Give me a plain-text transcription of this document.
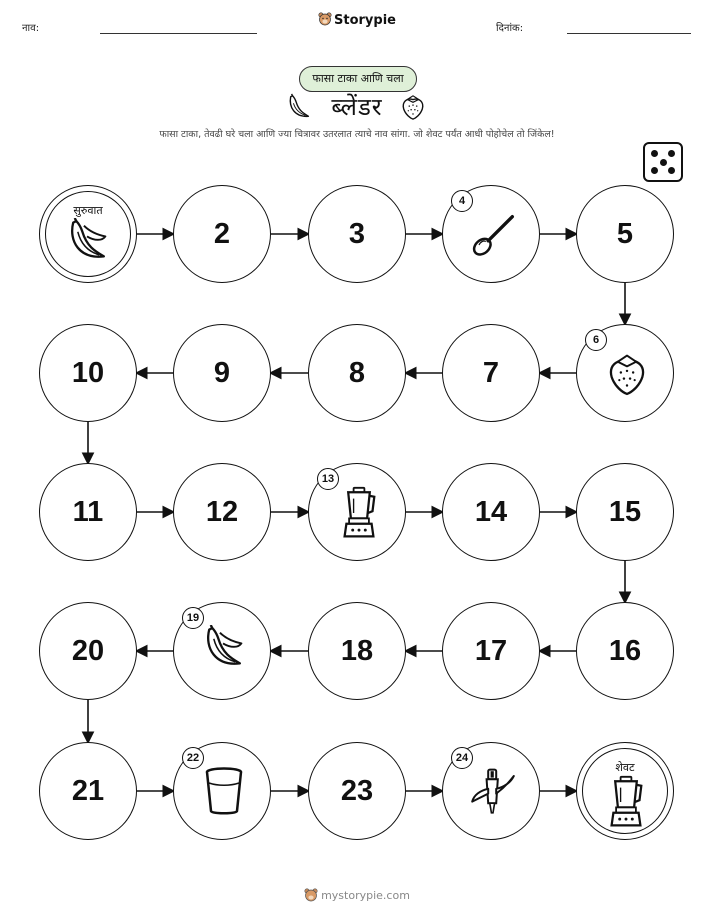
नाव:
Storypie
दिनांक:
फासा टाका आणि चला
ब्लेंडर
फासा टाका, तेवढी घरे चला आणि ज्या चित्रावर उतरलात त्याचे नाव सांगा. जो शेवट पर्यंत आधी पोहोचेल तो जिंकेल!
सुरुवात
2	3
4
5
6
7
8
9
10
11	12
13
14	15
16
17
18
19
20
21
22
23
24
शेवट
mystorypie.com
